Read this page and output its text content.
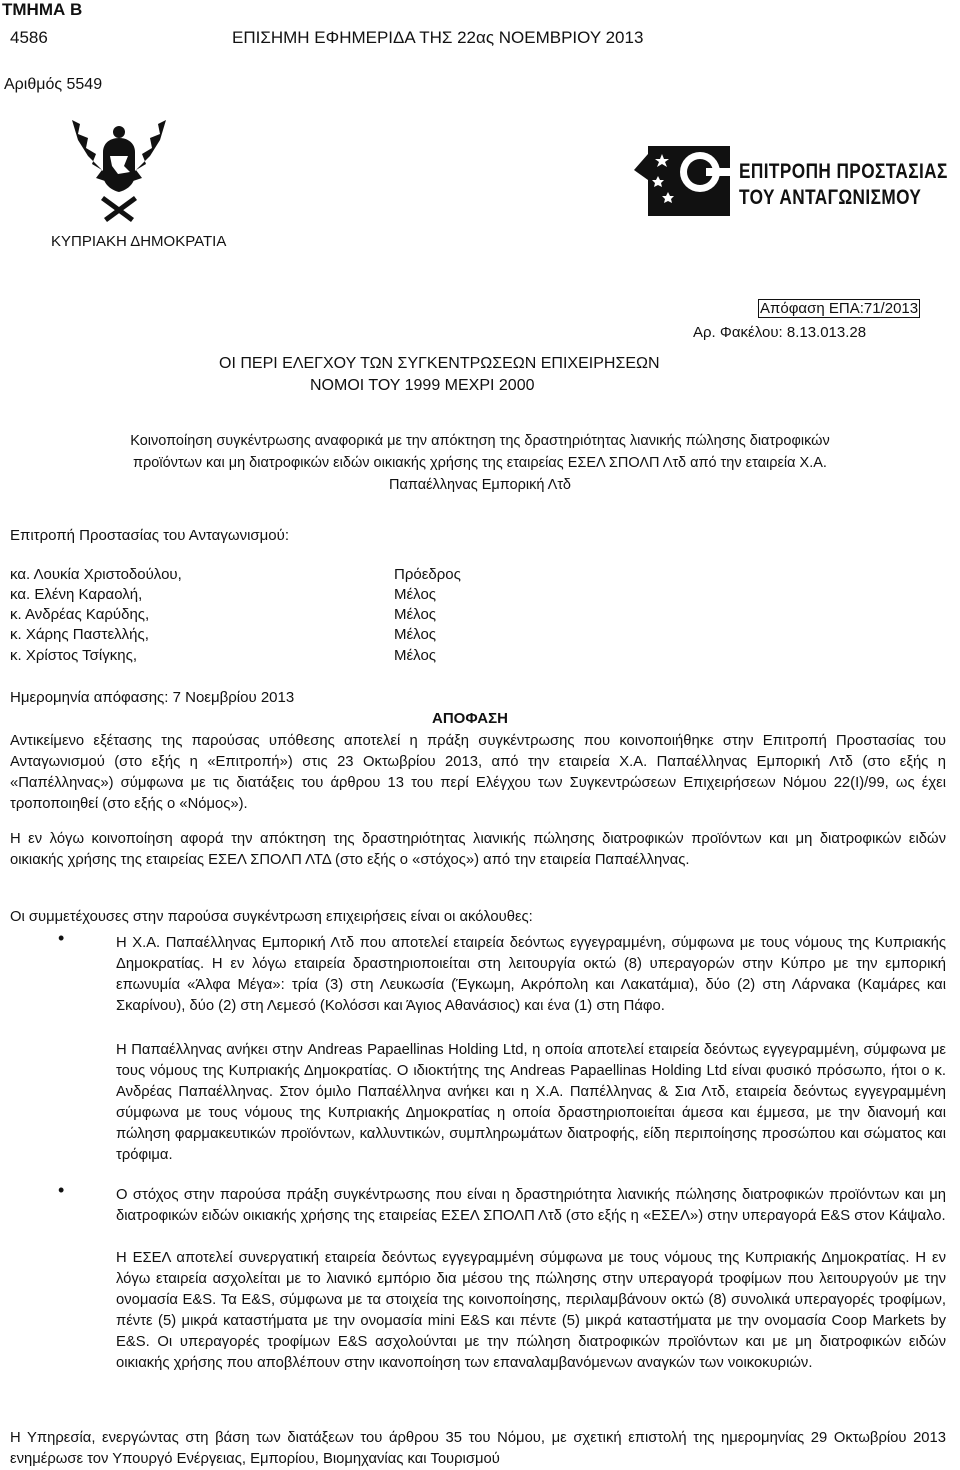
ΤΜΗΜΑ Β
4586	ΕΠΙΣΗΜΗ ΕΦΗΜΕΡΙΔΑ ΤΗΣ 22ας ΝΟΕΜΒΡΙΟΥ 2013
Αριθμός 5549
ΚΥΠΡΙΑΚΗ ΔΗΜΟΚΡΑΤΙΑ
ΕΠΙΤΡΟΠΗ ΠΡΟΣΤΑΣΙΑΣ
ΤΟΥ ΑΝΤΑΓΩΝΙΣΜΟΥ
Απόφαση ΕΠΑ:71/2013
Αρ. Φακέλου: 8.13.013.28
ΟΙ ΠΕΡΙ ΕΛΕΓΧΟΥ ΤΩΝ ΣΥΓΚΕΝΤΡΩΣΕΩΝ ΕΠΙΧΕΙΡΗΣΕΩΝ
ΝΟΜΟΙ ΤΟΥ 1999 ΜΕΧΡΙ 2000
Κοινοποίηση συγκέντρωσης αναφορικά με την απόκτηση της δραστηριότητας λιανικής πώλησης διατροφικών
προϊόντων και μη διατροφικών ειδών οικιακής χρήσης της εταιρείας ΕΣΕΛ ΣΠΟΛΠ Λτδ από την εταιρεία Χ.Α.
Παπαέλληνας Εμπορική Λτδ
Επιτροπή Προστασίας του Ανταγωνισμού:
κα. Λουκία Χριστοδούλου,	Πρόεδρος
κα. Ελένη Καραολή,	Μέλος
κ. Ανδρέας Καρύδης,	Μέλος
κ. Χάρης Παστελλής,	Μέλος
κ. Χρίστος Τσίγκης,	Μέλος
Ημερομηνία απόφασης: 7 Νοεμβρίου 2013
ΑΠΟΦΑΣΗ
Αντικείμενο εξέτασης της παρούσας υπόθεσης αποτελεί η πράξη συγκέντρωσης που κοινοποιήθηκε στην Επιτροπή Προστασίας του Ανταγωνισμού (στο εξής η «Επιτροπή») στις 23 Οκτωβρίου 2013, από την εταιρεία Χ.Α. Παπαέλληνας Εμπορική Λτδ (στο εξής η «Παπέλληνας») σύμφωνα με τις διατάξεις του άρθρου 13 του περί Ελέγχου των Συγκεντρώσεων Επιχειρήσεων Νόμου 22(I)/99, ως έχει τροποποιηθεί (στο εξής ο «Νόμος»).
Η εν λόγω κοινοποίηση αφορά την απόκτηση της δραστηριότητας λιανικής πώλησης διατροφικών προϊόντων και μη διατροφικών ειδών οικιακής χρήσης της εταιρείας ΕΣΕΛ ΣΠΟΛΠ ΛΤΔ (στο εξής ο «στόχος») από την εταιρεία Παπαέλληνας.
Οι συμμετέχουσες στην παρούσα συγκέντρωση επιχειρήσεις είναι οι ακόλουθες:
•	Η Χ.Α. Παπαέλληνας Εμπορική Λτδ που αποτελεί εταιρεία δεόντως εγγεγραμμένη, σύμφωνα με τους νόμους της Κυπριακής Δημοκρατίας. Η εν λόγω εταιρεία δραστηριοποιείται στη λειτουργία οκτώ (8) υπεραγορών στην Κύπρο με την εμπορική επωνυμία «Άλφα Μέγα»: τρία (3) στη Λευκωσία (Έγκωμη, Ακρόπολη και Λακατάμια), δύο (2) στη Λάρνακα (Καμάρες και Σκαρίνου), δύο (2) στη Λεμεσό (Κολόσσι και Άγιος Αθανάσιος) και ένα (1) στη Πάφο.
Η Παπαέλληνας ανήκει στην Andreas Papaellinas Holding Ltd, η οποία αποτελεί εταιρεία δεόντως εγγεγραμμένη, σύμφωνα με τους νόμους της Κυπριακής Δημοκρατίας. Ο ιδιοκτήτης της Andreas Papaellinas Holding Ltd είναι φυσικό πρόσωπο, ήτοι ο κ. Ανδρέας Παπαέλληνας. Στον όμιλο Παπαέλληνα ανήκει και η Χ.Α. Παπέλληνας & Σια Λτδ, εταιρεία δεόντως εγγεγραμμένη σύμφωνα με τους νόμους της Κυπριακής Δημοκρατίας η οποία δραστηριοποιείται άμεσα και έμμεσα, με την διανομή και πώληση φαρμακευτικών προϊόντων, καλλυντικών, συμπληρωμάτων διατροφής, είδη περιποίησης προσώπου και σώματος και τρόφιμα.
•	Ο στόχος στην παρούσα πράξη συγκέντρωσης που είναι η δραστηριότητα λιανικής πώλησης διατροφικών προϊόντων και μη διατροφικών ειδών οικιακής χρήσης της εταιρείας ΕΣΕΛ ΣΠΟΛΠ Λτδ (στο εξής η «ΕΣΕΛ») στην υπεραγορά E&S στον Κάψαλο.
Η ΕΣΕΛ αποτελεί συνεργατική εταιρεία δεόντως εγγεγραμμένη σύμφωνα με τους νόμους της Κυπριακής Δημοκρατίας. Η εν λόγω εταιρεία ασχολείται με το λιανικό εμπόριο δια μέσου της πώλησης στην υπεραγορά τροφίμων που λειτουργούν με την ονομασία E&S. Τα E&S, σύμφωνα με τα στοιχεία της κοινοποίησης, περιλαμβάνουν οκτώ (8) συνολικά υπεραγορές τροφίμων, πέντε (5) μικρά καταστήματα με την ονομασία mini E&S και πέντε (5) μικρά καταστήματα με την ονομασία Coop Markets by E&S. Οι υπεραγορές τροφίμων E&S ασχολούνται με την πώληση διατροφικών προϊόντων και με μη διατροφικών ειδών οικιακής χρήσης που αποβλέπουν στην ικανοποίηση των επαναλαμβανόμενων αναγκών των νοικοκυριών.
Η Υπηρεσία, ενεργώντας στη βάση των διατάξεων του άρθρου 35 του Νόμου, με σχετική επιστολή της ημερομηνίας 29 Οκτωβρίου 2013 ενημέρωσε τον Υπουργό Ενέργειας, Εμπορίου, Βιομηχανίας και Τουρισμού
